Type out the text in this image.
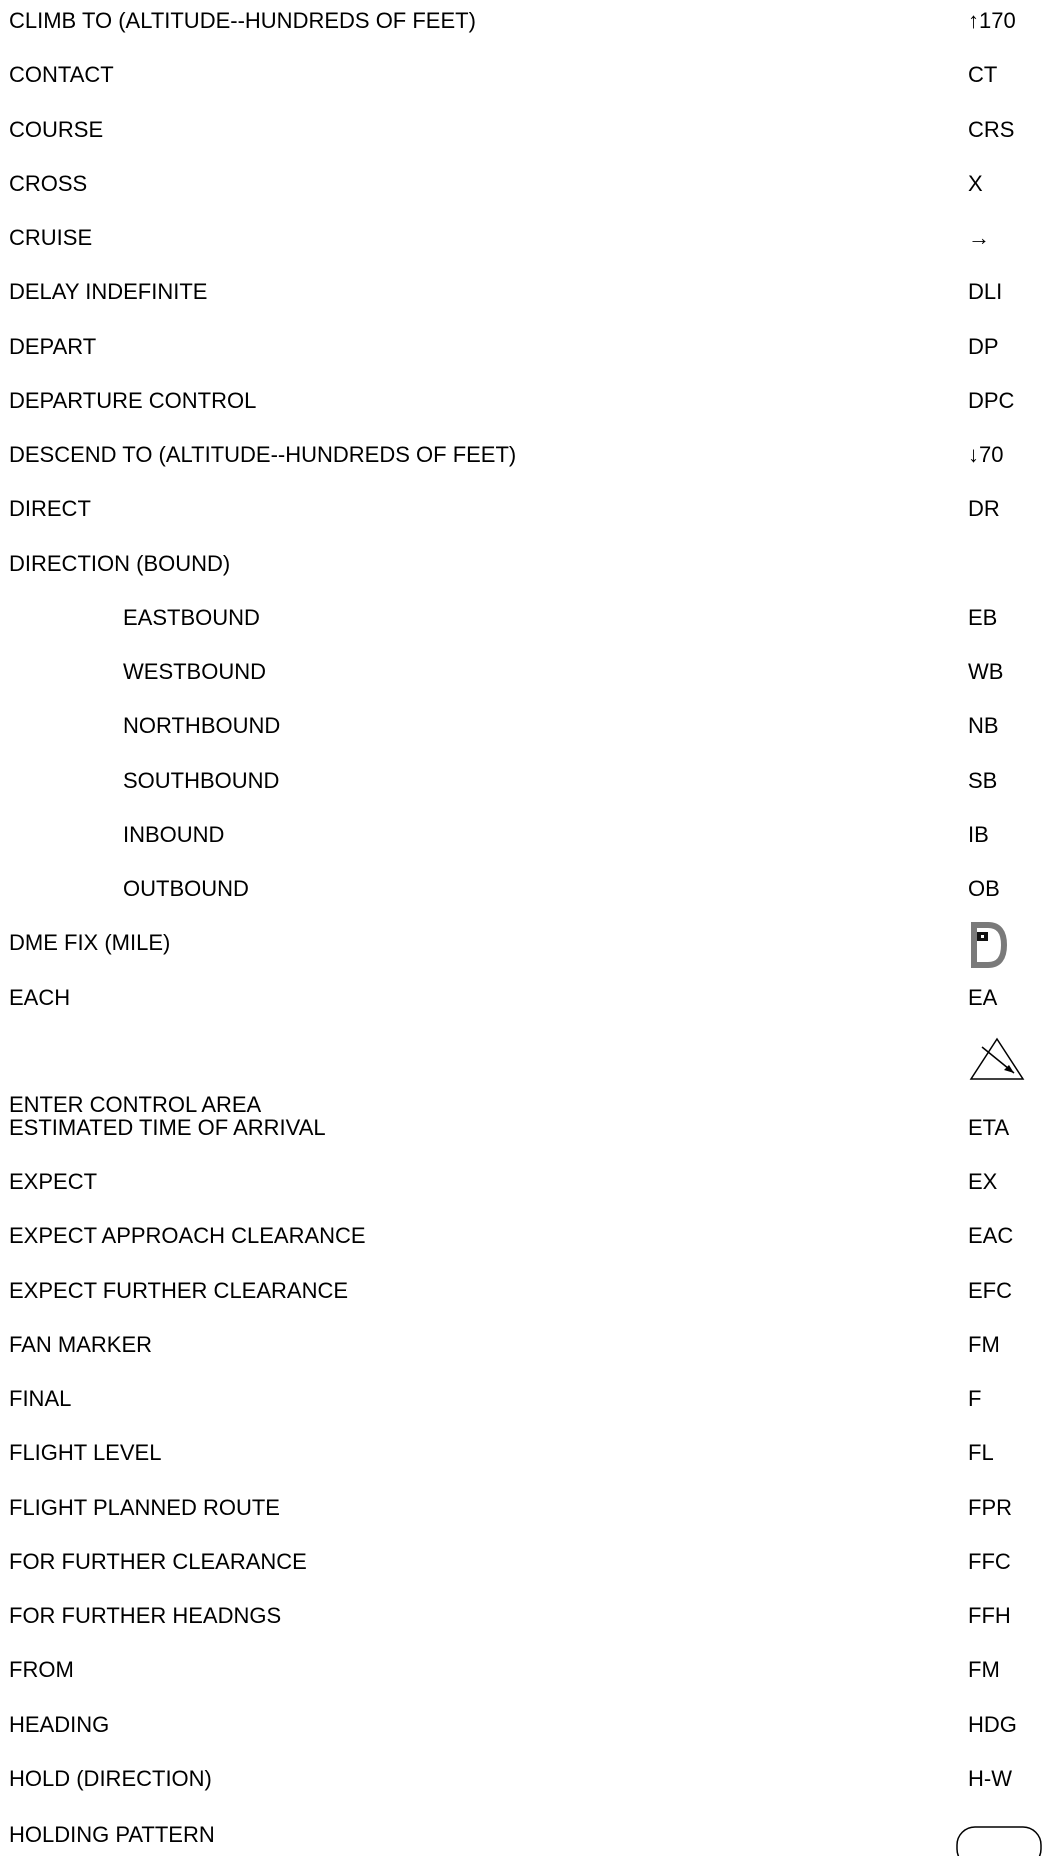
CLIMB TO (ALTITUDE--HUNDREDS OF FEET)	↑170
CONTACT	CT
COURSE	CRS
CROSS	X
CRUISE	→
DELAY INDEFINITE	DLI
DEPART	DP
DEPARTURE CONTROL	DPC
DESCEND TO (ALTITUDE--HUNDREDS OF FEET)	↓70
DIRECT	DR
DIRECTION (BOUND)
EASTBOUND	EB
WESTBOUND	WB
NORTHBOUND	NB
SOUTHBOUND	SB
INBOUND	IB
OUTBOUND	OB
DME FIX (MILE)
EACH	EA
ENTER CONTROL AREA
ESTIMATED TIME OF ARRIVAL	ETA
EXPECT	EX
EXPECT APPROACH CLEARANCE	EAC
EXPECT FURTHER CLEARANCE	EFC
FAN MARKER	FM
FINAL	F
FLIGHT LEVEL	FL
FLIGHT PLANNED ROUTE	FPR
FOR FURTHER CLEARANCE	FFC
FOR FURTHER HEADNGS	FFH
FROM	FM
HEADING	HDG
HOLD (DIRECTION)	H-W
HOLDING PATTERN
